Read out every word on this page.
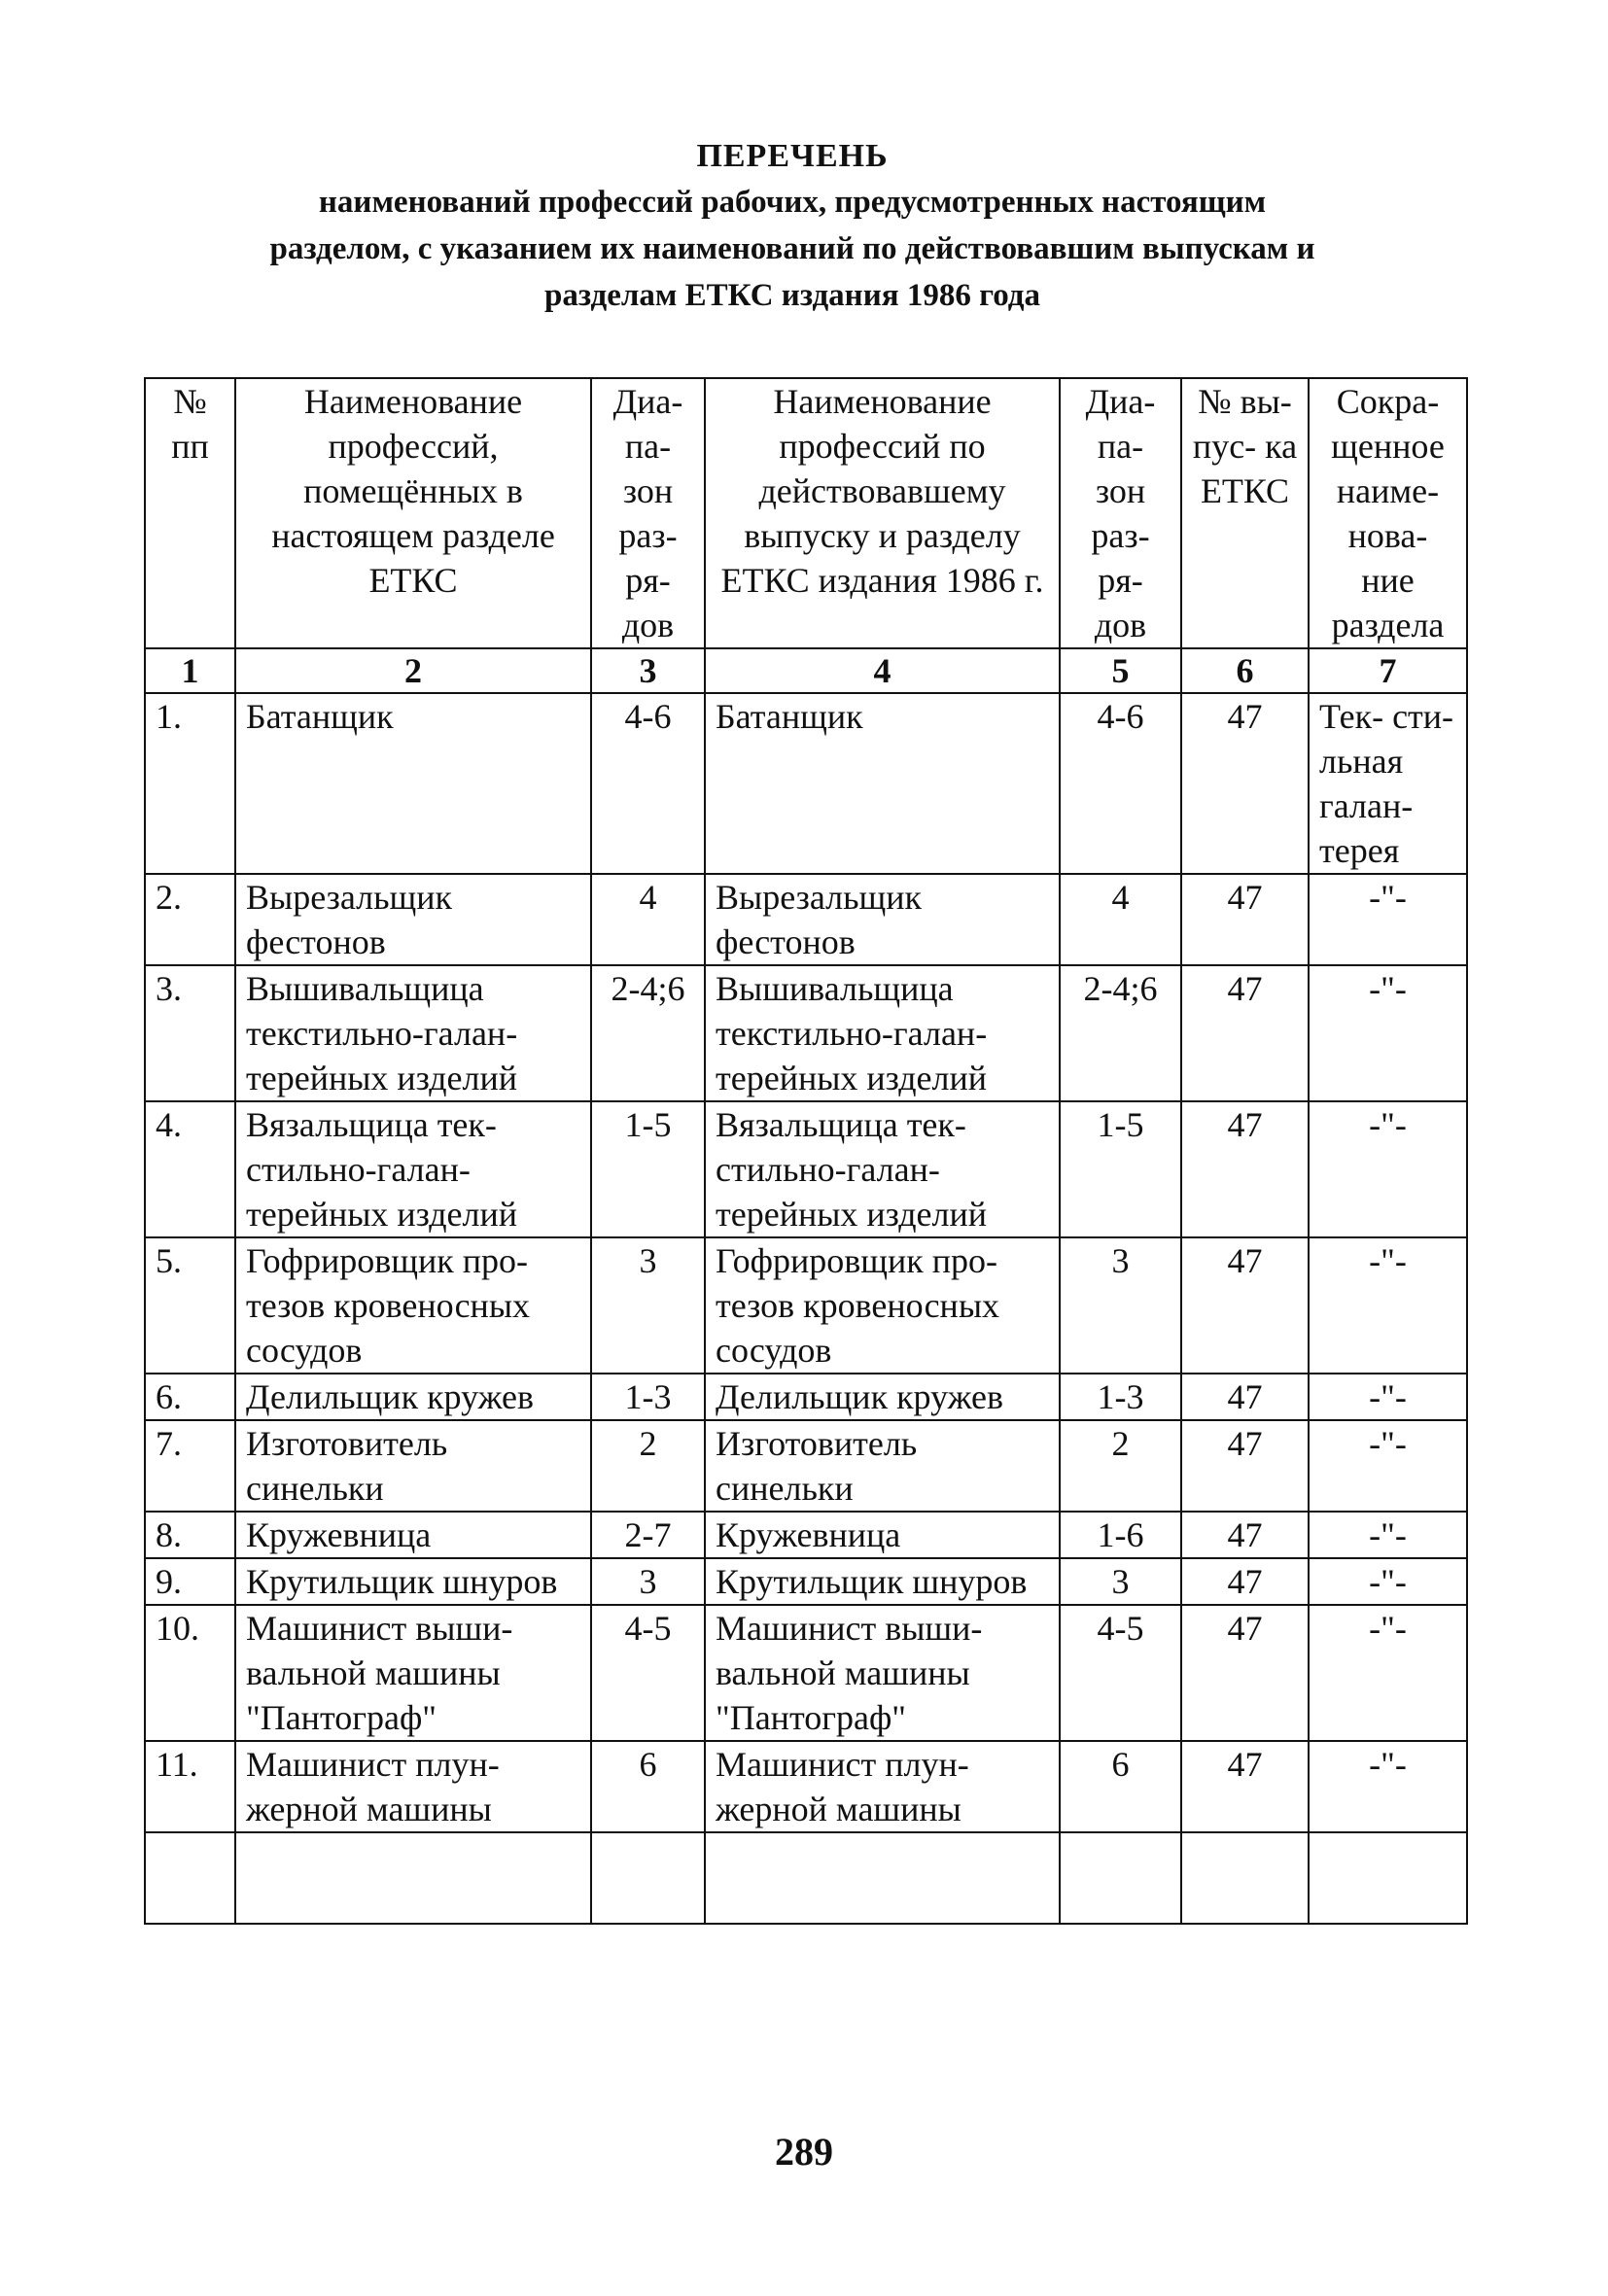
ПЕРЕЧЕНЬ
наименований профессий рабочих, предусмотренных настоящим
разделом, с указанием их наименований по действовавшим выпускам и
разделам ЕТКС издания 1986 года
№ пп	Наименование профессий, помещённых в настоящем разделе ЕТКС	Диа- па- зон раз- ря- дов	Наименование профессий по действовавшему выпуску и разделу ЕТКС издания 1986 г.	Диа- па- зон раз- ря- дов	№ вы- пус- ка ЕТКС	Сокра- щенное наиме- нова- ние раздела
1	2	3	4	5	6	7
1.	Батанщик	4-6	Батанщик	4-6	47	Тек- сти- льная галан- терея
2.	Вырезальщик фестонов	4	Вырезальщик фестонов	4	47	-"-
3.	Вышивальщица текстильно-галан- терейных изделий	2-4;6	Вышивальщица текстильно-галан- терейных изделий	2-4;6	47	-"-
4.	Вязальщица тек- стильно-галан- терейных изделий	1-5	Вязальщица тек- стильно-галан- терейных изделий	1-5	47	-"-
5.	Гофрировщик про- тезов кровеносных сосудов	3	Гофрировщик про- тезов кровеносных сосудов	3	47	-"-
6.	Делильщик кружев	1-3	Делильщик кружев	1-3	47	-"-
7.	Изготовитель синельки	2	Изготовитель синельки	2	47	-"-
8.	Кружевница	2-7	Кружевница	1-6	47	-"-
9.	Крутильщик шнуров	3	Крутильщик шнуров	3	47	-"-
10.	Машинист выши- вальной машины "Пантограф"	4-5	Машинист выши- вальной машины "Пантограф"	4-5	47	-"-
11.	Машинист плун- жерной машины	6	Машинист плун- жерной машины	6	47	-"-

289
